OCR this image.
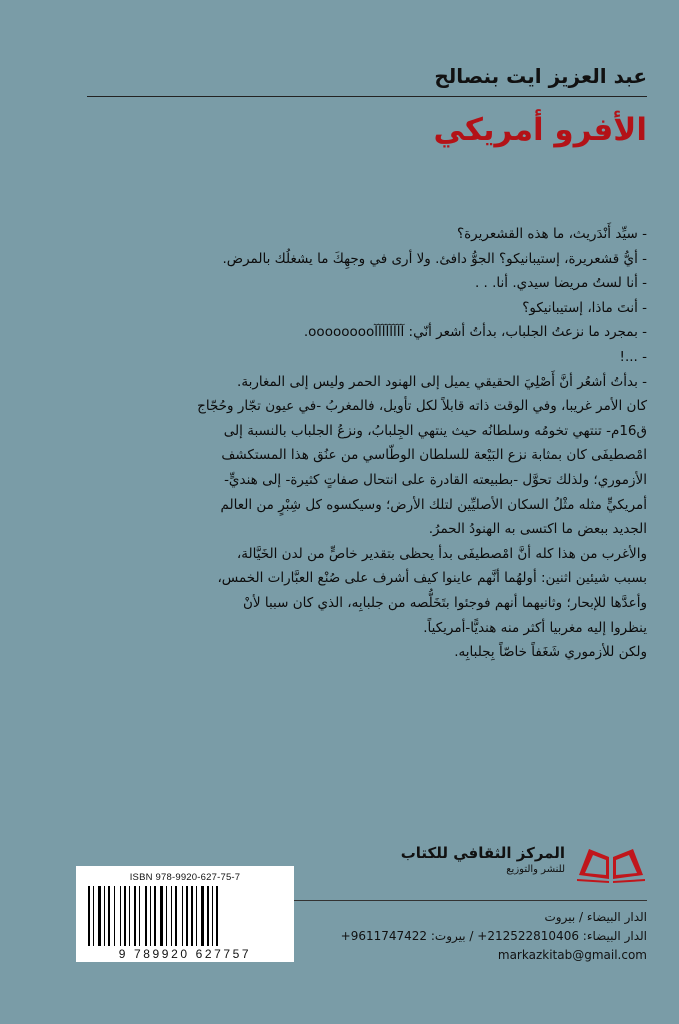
عبد العزيز ايت بنصالح
الأفرو أمريكي

- سيِّد أَنْدَريث، ما هذه القشعريرة؟

- أيُّ قشعريرة، إستيبانيكو؟ الجوُّ دافئ. ولا أرى في وجهِكَ ما يشغلُك بالمرض.

- أنا لستُ مريضا سيدي. أنا. . .

- أنتَ ماذا، إستيبانيكو؟

- بمجرد ما نزعتُ الجلباب، بدأتُ أشعر أنّي: آآآآآآآآoooooooo.

- ...!

- بدأتُ أشعُر أنَّ أَصْلِيَ الحقيقي يميل إلى الهنود الحمر وليس إلى المغاربة.

كان الأمر غريبا، وفي الوقت ذاته قابلاً لكل تأويل، فالمغربُ -في عيون تجّار وحُجّاج

ق16م- تنتهي تخومُه وسلطانُه حيث ينتهي الجِلبابُ، ونزعُ الجلباب بالنسبة إلى

امْصطيفَى كان بمثابة نزع البَيْعة للسلطان الوطّاسي من عنُق هذا المستكشف

الأزموري؛ ولذلك تحوَّل -بطبيعته القادرة على انتحال صفاتٍ كثيرة- إلى هنديٍّ-

أمريكيٍّ مثله مثْلُ السكان الأصليِّين لتلك الأرض؛ وسيكسوه كل شِبْرٍ من العالم

الجديد ببعض ما اكتسى به الهنودُ الحمرُ.

والأغرب من هذا كله أنَّ امْصطيفَى بدأ يحظى بتقدير خاصٍّ من لدن الخَيَّالة،

بسبب شيئين اثنين: أولهُما أنَّهم عاينوا كيف أشرف على صُنْع العبَّارات الخمس،

وأعدَّها للإبحار؛ وثانيهما أنهم فوجئوا بتَخَلُّصه من جلبابِه، الذي كان سببا لأنْ

ينظروا إليه مغربيا أكثر منه هنديًّا-أمريكياً.

ولكن للأزموري شَغَفاً خاصّاً بِجلبابِه.

المركز الثقافي للكتاب
للنشر والتوزيع
الدار البيضاء / بيروت
الدار البيضاء: 212522810406+ / بيروت: 9611747422+
markazkitab@gmail.com
ISBN 978-9920-627-75-7
9 789920 627757
